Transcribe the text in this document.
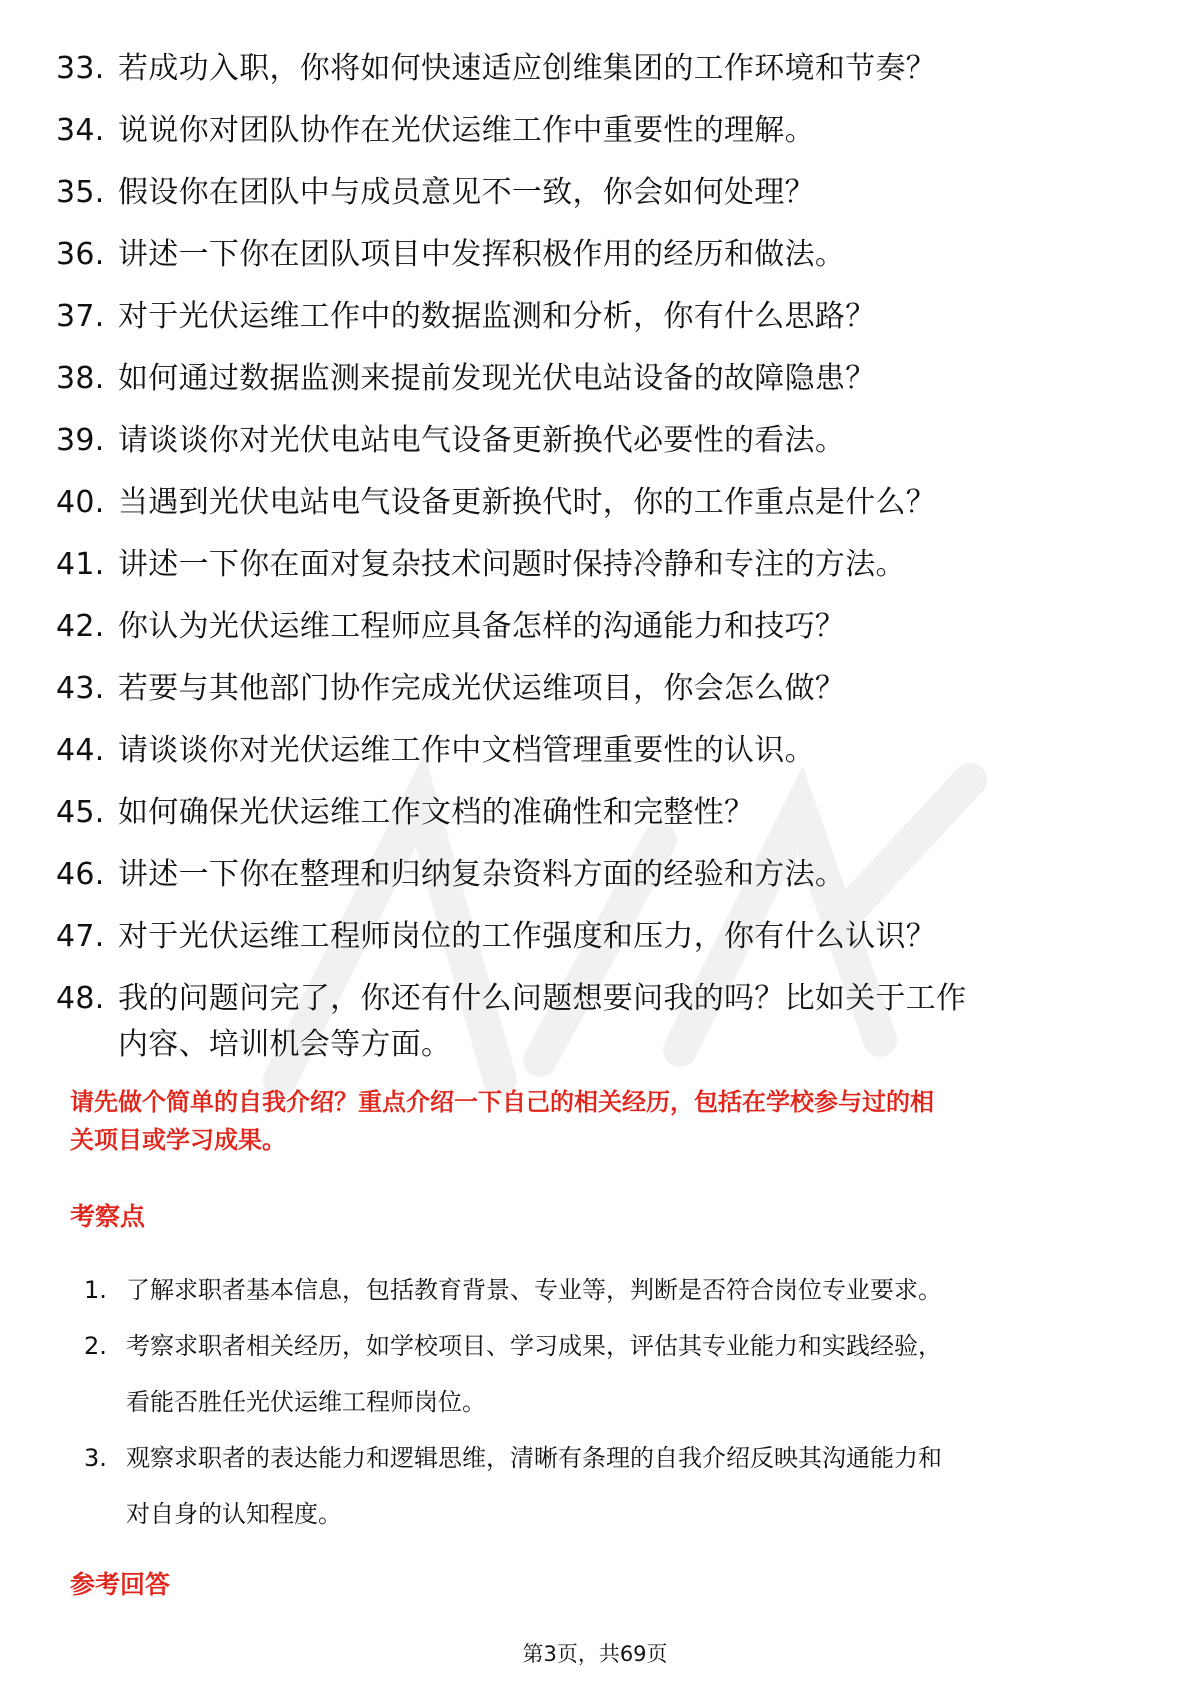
33. 若成功入职，你将如何快速适应创维集团的工作环境和节奏？
34. 说说你对团队协作在光伏运维工作中重要性的理解。
35. 假设你在团队中与成员意见不一致，你会如何处理？
36. 讲述一下你在团队项目中发挥积极作用的经历和做法。
37. 对于光伏运维工作中的数据监测和分析，你有什么思路？
38. 如何通过数据监测来提前发现光伏电站设备的故障隐患？
39. 请谈谈你对光伏电站电气设备更新换代必要性的看法。
40. 当遇到光伏电站电气设备更新换代时，你的工作重点是什么？
41. 讲述一下你在面对复杂技术问题时保持冷静和专注的方法。
42. 你认为光伏运维工程师应具备怎样的沟通能力和技巧？
43. 若要与其他部门协作完成光伏运维项目，你会怎么做？
44. 请谈谈你对光伏运维工作中文档管理重要性的认识。
45. 如何确保光伏运维工作文档的准确性和完整性？
46. 讲述一下你在整理和归纳复杂资料方面的经验和方法。
47. 对于光伏运维工程师岗位的工作强度和压力，你有什么认识？
48. 我的问题问完了，你还有什么问题想要问我的吗？比如关于工作
内容、培训机会等方面。
请先做个简单的自我介绍？重点介绍一下自己的相关经历，包括在学校参与过的相
关项目或学习成果。
考察点
1. 了解求职者基本信息，包括教育背景、专业等，判断是否符合岗位专业要求。
2. 考察求职者相关经历，如学校项目、学习成果，评估其专业能力和实践经验，
看能否胜任光伏运维工程师岗位。
3. 观察求职者的表达能力和逻辑思维，清晰有条理的自我介绍反映其沟通能力和
对自身的认知程度。
参考回答
第3页，共69页
